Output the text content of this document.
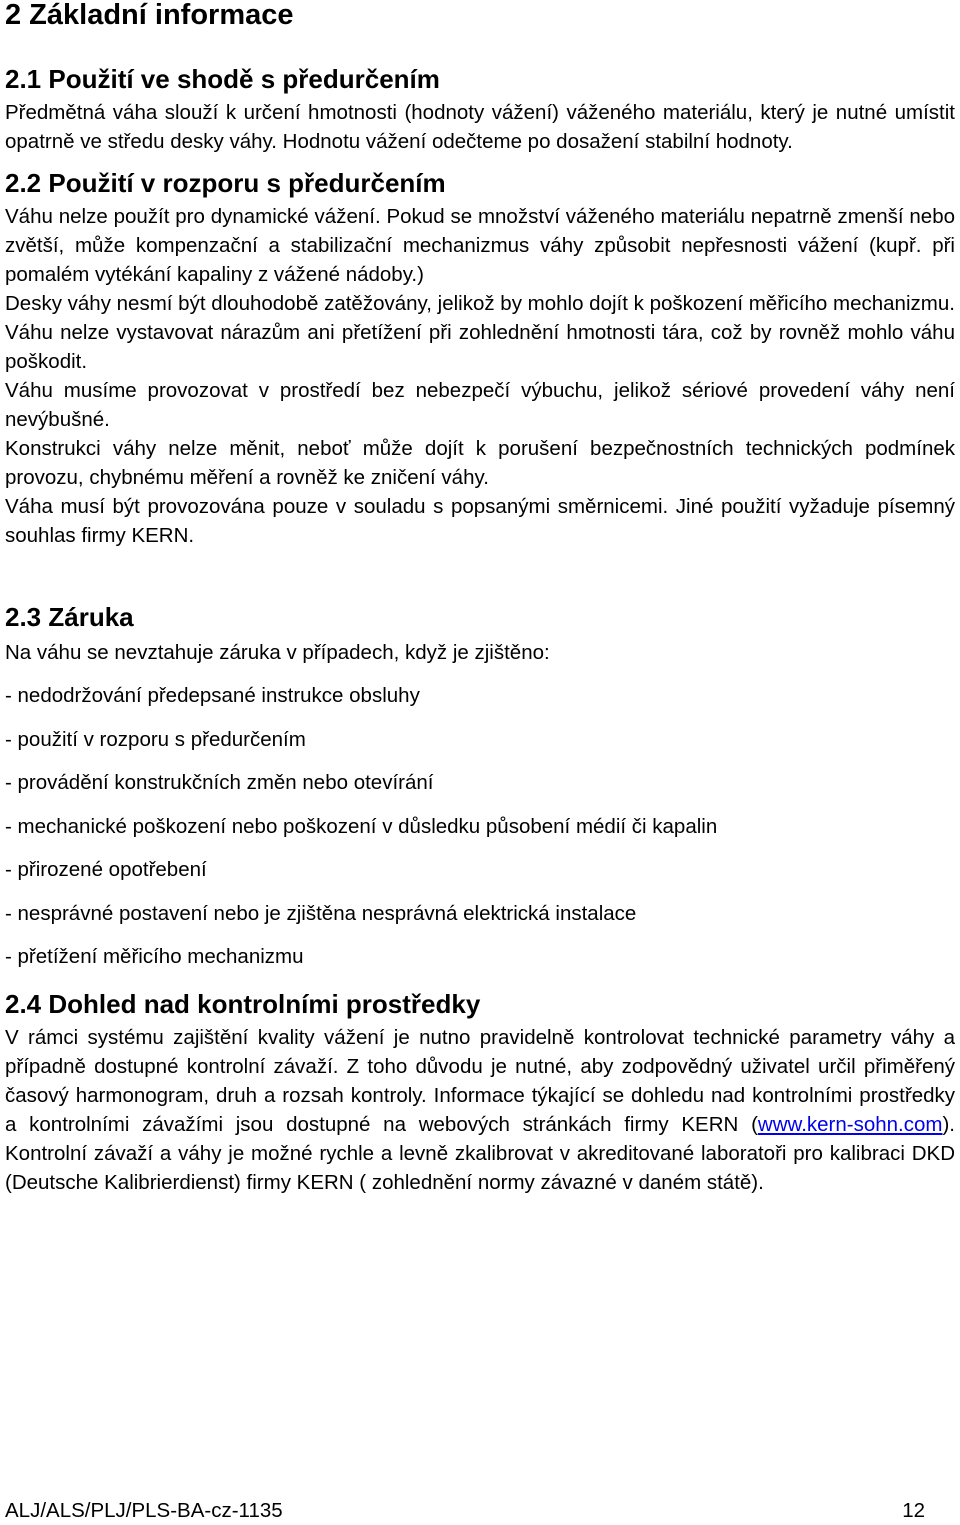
2 Základní informace
2.1 Použití ve shodě s předurčením

Předmětná váha slouží k určení hmotnosti (hodnoty vážení) váženého materiálu, který je nutné umístit opatrně ve středu desky váhy. Hodnotu vážení odečteme po dosažení stabilní hodnoty.

2.2 Použití v rozporu s předurčením

Váhu nelze použít pro dynamické vážení. Pokud se množství váženého materiálu nepatrně zmenší nebo zvětší, může kompenzační a stabilizační mechanizmus váhy způsobit nepřesnosti vážení (kupř. při pomalém vytékání kapaliny z vážené nádoby.)

Desky váhy nesmí být dlouhodobě zatěžovány, jelikož by mohlo dojít k poškození měřicího mechanizmu.

Váhu nelze vystavovat nárazům ani přetížení při zohlednění hmotnosti tára, což by rovněž mohlo váhu poškodit.

Váhu musíme provozovat v prostředí bez nebezpečí výbuchu, jelikož sériové provedení váhy není nevýbušné.

Konstrukci váhy nelze měnit, neboť může dojít k porušení bezpečnostních technických podmínek provozu, chybnému měření a rovněž ke zničení váhy.

Váha musí být provozována pouze v souladu s popsanými směrnicemi. Jiné použití vyžaduje písemný souhlas firmy KERN.

2.3 Záruka

Na váhu se nevztahuje záruka v případech, když je zjištěno:

- nedodržování předepsané instrukce obsluhy
- použití v rozporu s předurčením
- provádění konstrukčních změn nebo otevírání
- mechanické poškození nebo poškození v důsledku působení médií či kapalin
- přirozené opotřebení
- nesprávné postavení nebo je zjištěna nesprávná elektrická instalace
- přetížení měřicího mechanizmu
2.4 Dohled nad kontrolními prostředky

V rámci systému zajištění kvality vážení je nutno pravidelně kontrolovat technické parametry váhy a případně dostupné kontrolní závaží. Z toho důvodu je nutné, aby zodpovědný uživatel určil přiměřený časový harmonogram, druh a rozsah kontroly. Informace týkající se dohledu nad kontrolními prostředky a kontrolními závažími jsou dostupné na webových stránkách firmy KERN (www.kern-sohn.com). Kontrolní závaží a váhy je možné rychle a levně zkalibrovat v akreditované laboratoři pro kalibraci DKD (Deutsche Kalibrierdienst) firmy KERN ( zohlednění normy závazné v daném státě).

ALJ/ALS/PLJ/PLS-BA-cz-1135	12
